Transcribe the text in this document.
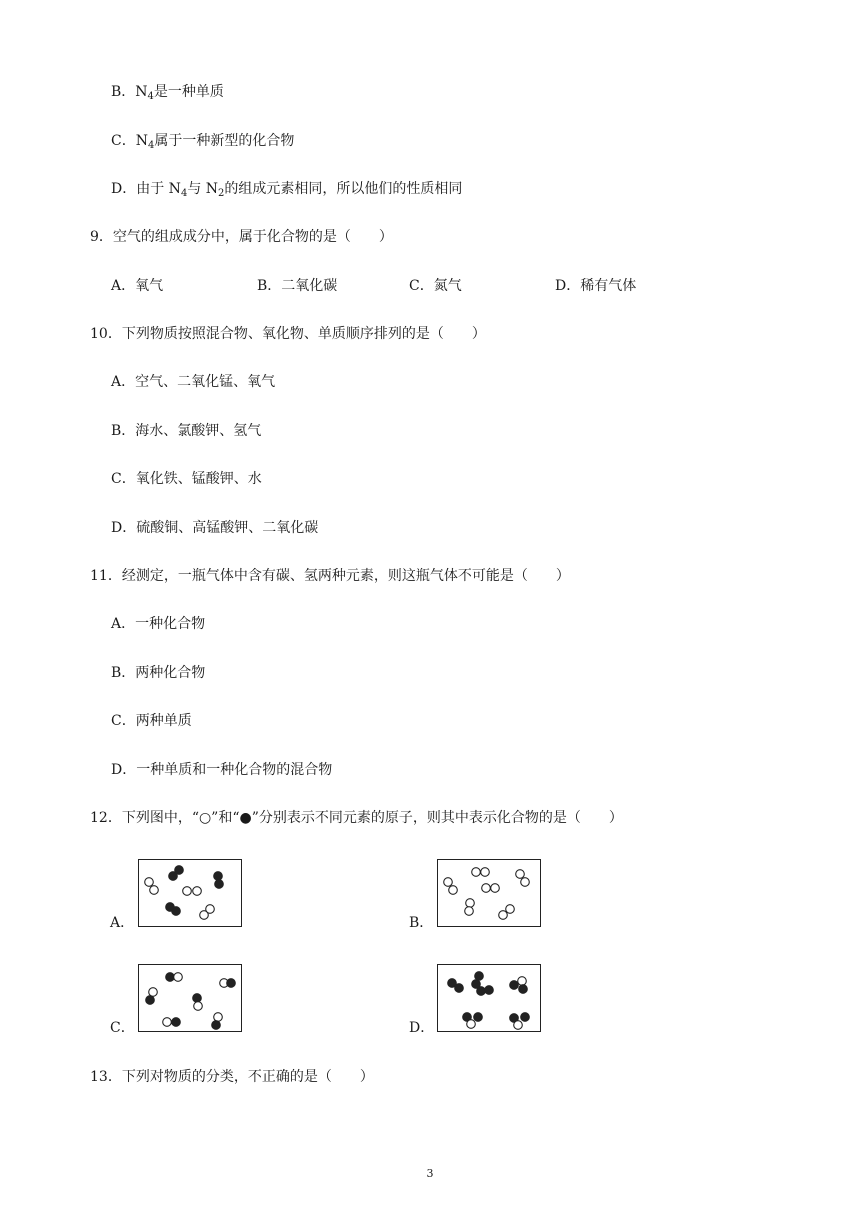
B．$N_4$是一种单质
C．$N_4$属于一种新型的化合物
D．由于 $N_4$与 $N_2$的组成元素相同，所以他们的性质相同
9．空气的组成成分中，属于化合物的是（　　）
A．氧气	B．二氧化碳	C．氮气	D．稀有气体
10．下列物质按照混合物、氧化物、单质顺序排列的是（　　）
A．空气、二氧化锰、氧气
B．海水、氯酸钾、氢气
C．氧化铁、锰酸钾、水
D．硫酸铜、高锰酸钾、二氧化碳
11．经测定，一瓶气体中含有碳、氢两种元素，则这瓶气体不可能是（　　）
A．一种化合物
B．两种化合物
C．两种单质
D．一种单质和一种化合物的混合物
12．下列图中，“○”和“●”分别表示不同元素的原子，则其中表示化合物的是（　　）
A．	B．
C．	D．
13．下列对物质的分类，不正确的是（　　）
3
